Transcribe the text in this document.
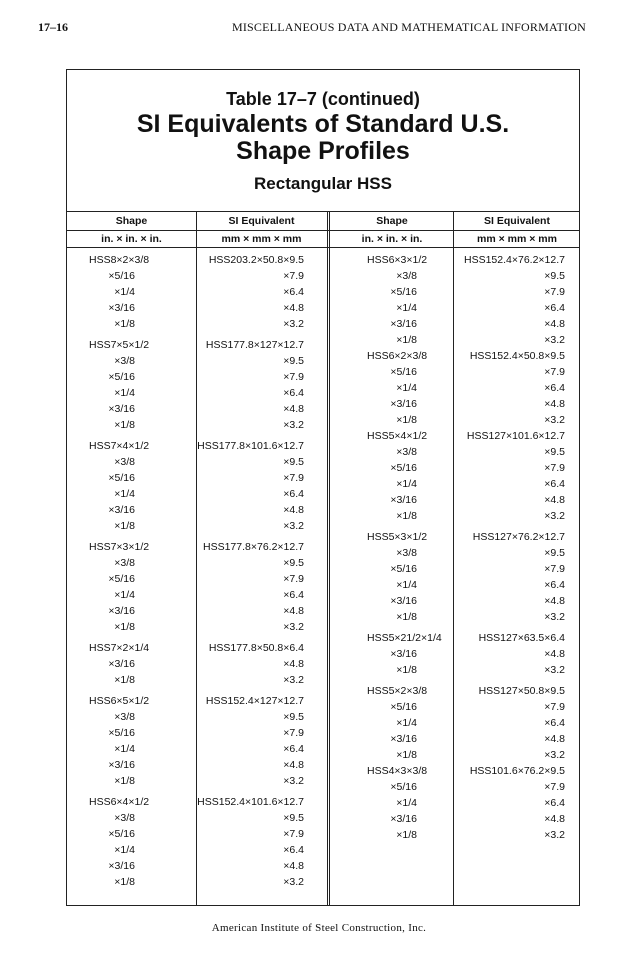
17–16	MISCELLANEOUS DATA AND MATHEMATICAL INFORMATION
Table 17–7 (continued)
SI Equivalents of Standard U.S.
Shape Profiles
Rectangular HSS
Shape	SI Equivalent	Shape	SI Equivalent
in. × in. × in.	mm × mm × mm	in. × in. × in.	mm × mm × mm
HSS8×2×3/8	HSS203.2×50.8×9.5
×5/16	×7.9
×1/4	×6.4
×3/16	×4.8
×1/8	×3.2
HSS7×5×1/2	HSS177.8×127×12.7
×3/8	×9.5
×5/16	×7.9
×1/4	×6.4
×3/16	×4.8
×1/8	×3.2
HSS7×4×1/2	HSS177.8×101.6×12.7
×3/8	×9.5
×5/16	×7.9
×1/4	×6.4
×3/16	×4.8
×1/8	×3.2
HSS7×3×1/2	HSS177.8×76.2×12.7
×3/8	×9.5
×5/16	×7.9
×1/4	×6.4
×3/16	×4.8
×1/8	×3.2
HSS7×2×1/4	HSS177.8×50.8×6.4
×3/16	×4.8
×1/8	×3.2
HSS6×5×1/2	HSS152.4×127×12.7
×3/8	×9.5
×5/16	×7.9
×1/4	×6.4
×3/16	×4.8
×1/8	×3.2
HSS6×4×1/2	HSS152.4×101.6×12.7
×3/8	×9.5
×5/16	×7.9
×1/4	×6.4
×3/16	×4.8
×1/8	×3.2
HSS6×3×1/2	HSS152.4×76.2×12.7
×3/8	×9.5
×5/16	×7.9
×1/4	×6.4
×3/16	×4.8
×1/8	×3.2
HSS6×2×3/8	HSS152.4×50.8×9.5
×5/16	×7.9
×1/4	×6.4
×3/16	×4.8
×1/8	×3.2
HSS5×4×1/2	HSS127×101.6×12.7
×3/8	×9.5
×5/16	×7.9
×1/4	×6.4
×3/16	×4.8
×1/8	×3.2
HSS5×3×1/2	HSS127×76.2×12.7
×3/8	×9.5
×5/16	×7.9
×1/4	×6.4
×3/16	×4.8
×1/8	×3.2
HSS5×21/2×1/4	HSS127×63.5×6.4
×3/16	×4.8
×1/8	×3.2
HSS5×2×3/8	HSS127×50.8×9.5
×5/16	×7.9
×1/4	×6.4
×3/16	×4.8
×1/8	×3.2
HSS4×3×3/8	HSS101.6×76.2×9.5
×5/16	×7.9
×1/4	×6.4
×3/16	×4.8
×1/8	×3.2
American Institute of Steel Construction, Inc.
